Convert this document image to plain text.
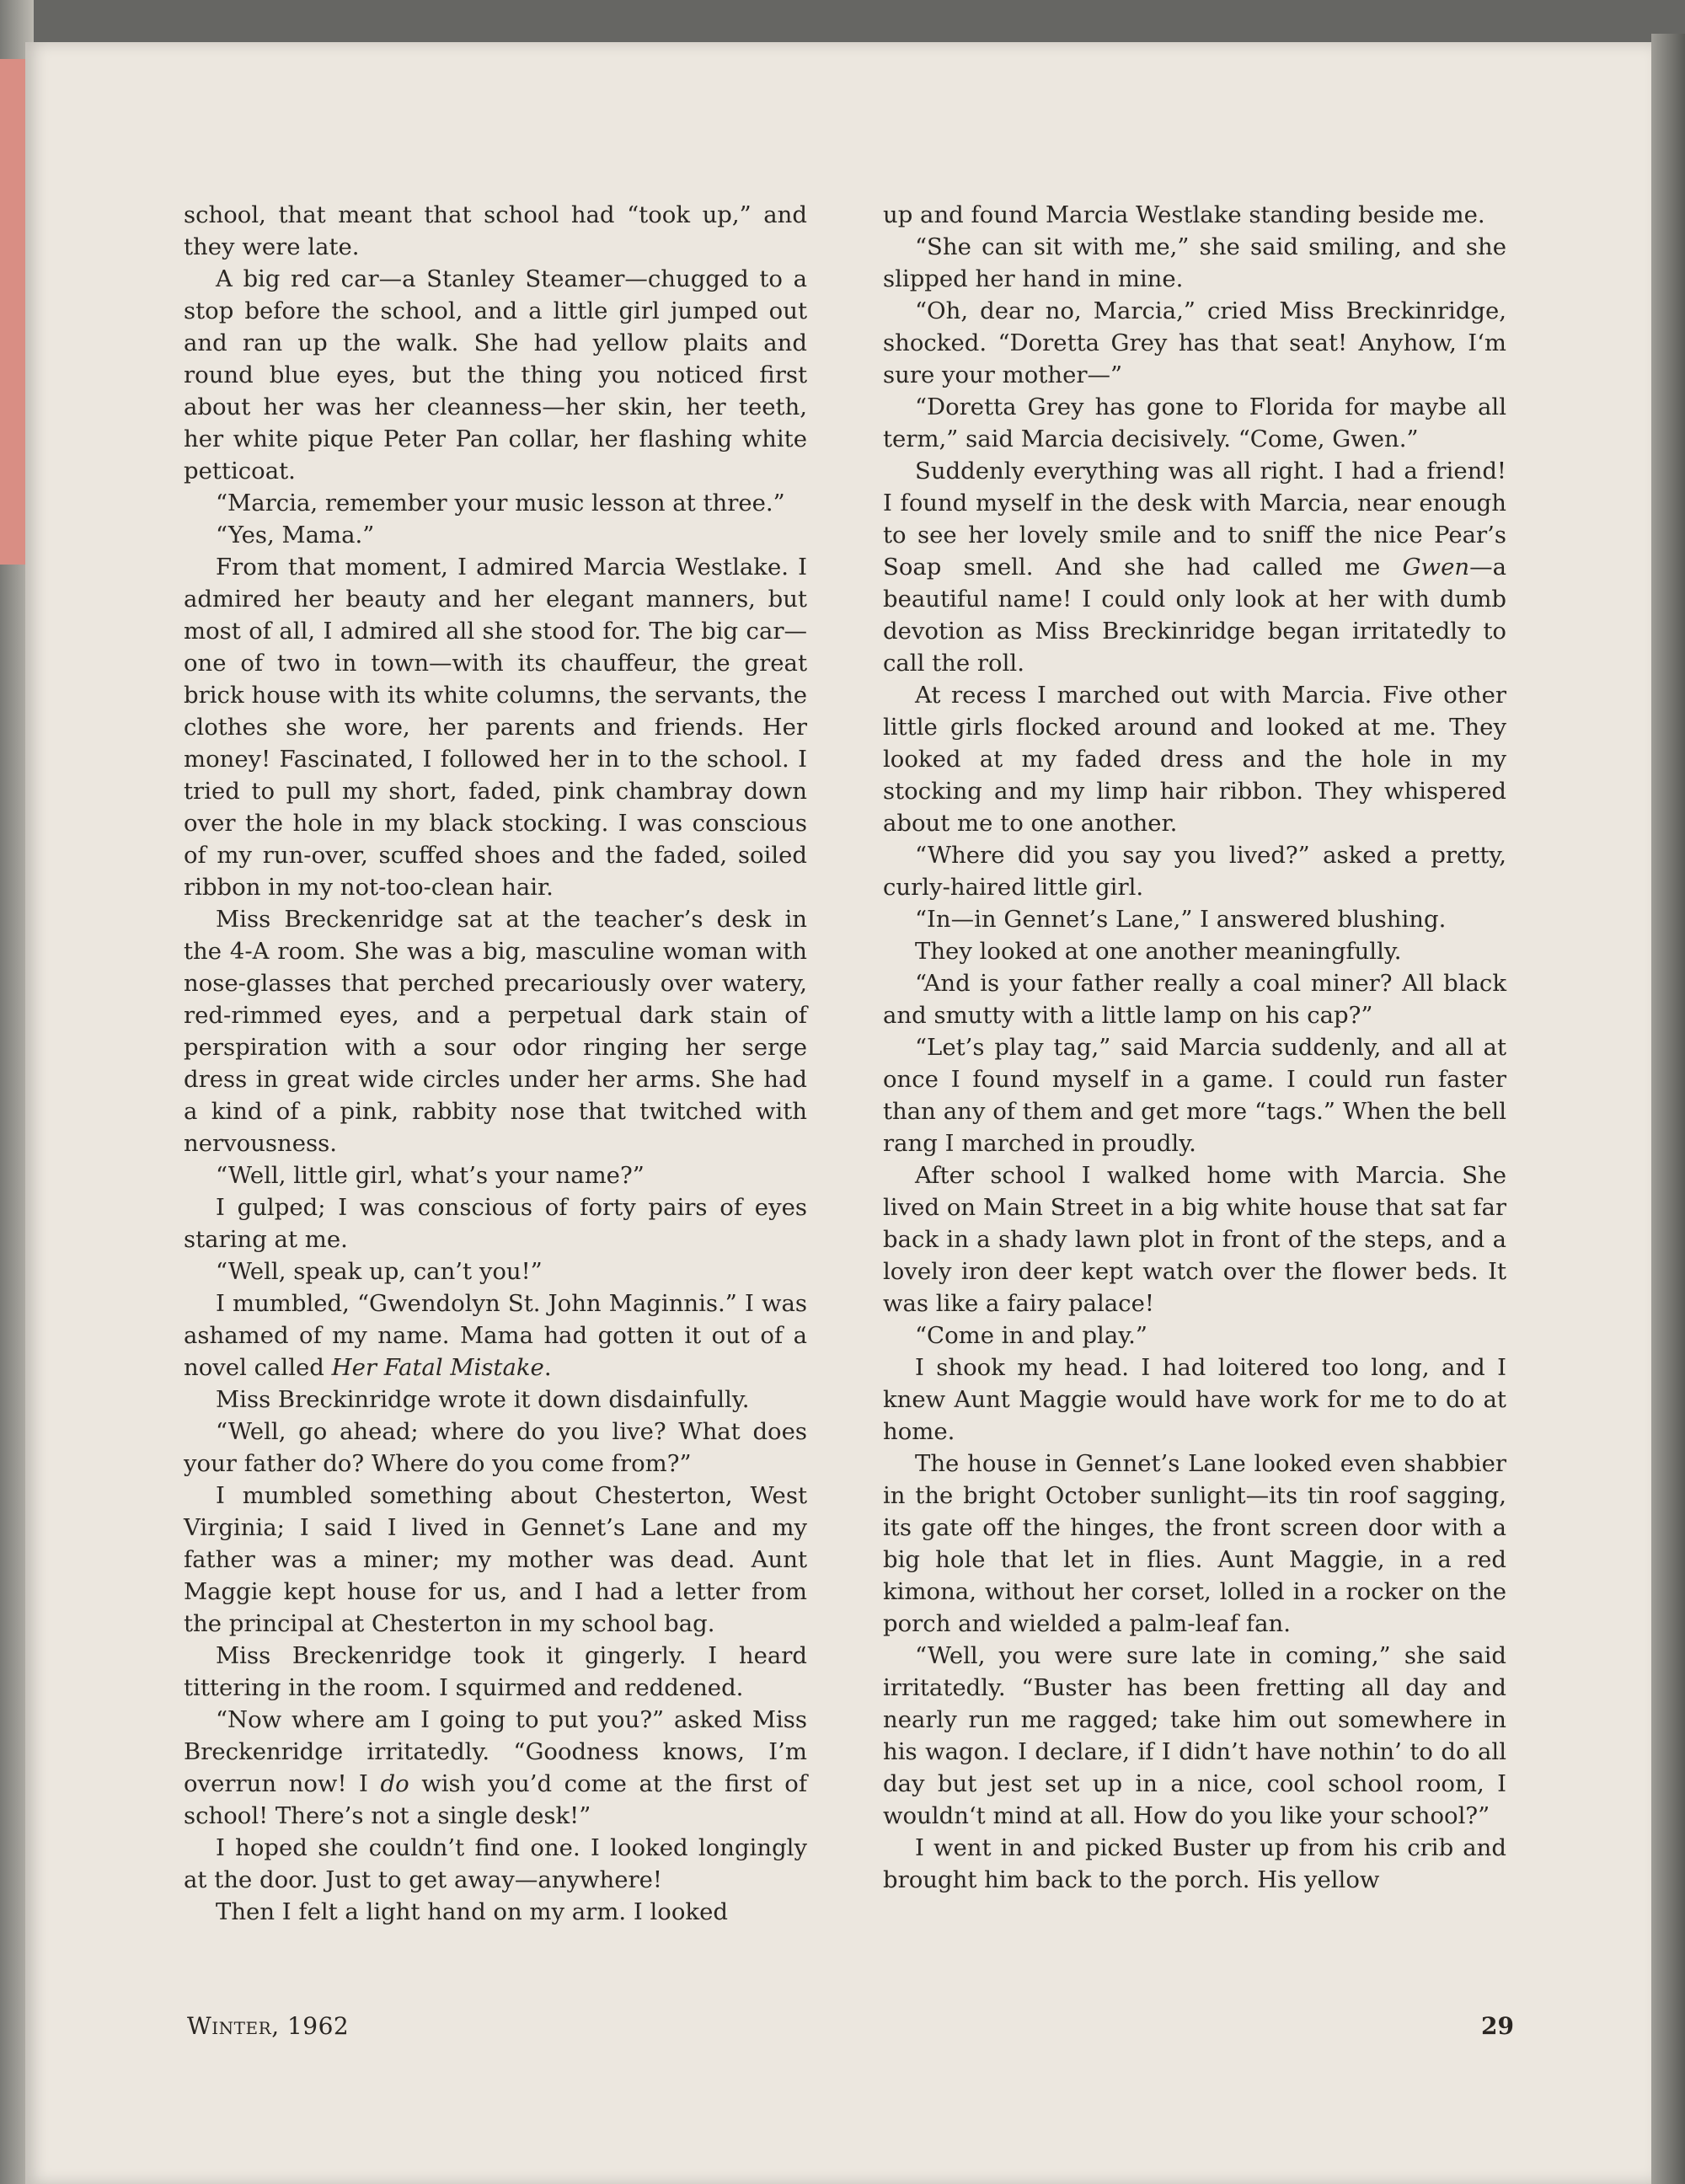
school, that meant that school had “took up,” and they were late.

A big red car—a Stanley Steamer—chugged to a stop before the school, and a little girl jumped out and ran up the walk. She had yellow plaits and round blue eyes, but the thing you noticed first about her was her cleanness—her skin, her teeth, her white pique Peter Pan collar, her flashing white petticoat.

“Marcia, remember your music lesson at three.”

“Yes, Mama.”

From that moment, I admired Marcia Westlake. I admired her beauty and her elegant manners, but most of all, I admired all she stood for. The big car—one of two in town—with its chauffeur, the great brick house with its white columns, the servants, the clothes she wore, her parents and friends. Her money! Fascinated, I followed her in to the school. I tried to pull my short, faded, pink chambray down over the hole in my black stocking. I was conscious of my run-over, scuffed shoes and the faded, soiled ribbon in my not-too-clean hair.

Miss Breckenridge sat at the teacher’s desk in the 4-A room. She was a big, masculine woman with nose-glasses that perched precariously over watery, red-rimmed eyes, and a perpetual dark stain of perspiration with a sour odor ringing her serge dress in great wide circles under her arms. She had a kind of a pink, rabbity nose that twitched with nervousness.

“Well, little girl, what’s your name?”

I gulped; I was conscious of forty pairs of eyes staring at me.

“Well, speak up, can’t you!”

I mumbled, “Gwendolyn St. John Maginnis.” I was ashamed of my name. Mama had gotten it out of a novel called Her Fatal Mistake.

Miss Breckinridge wrote it down disdainfully.

“Well, go ahead; where do you live? What does your father do? Where do you come from?”

I mumbled something about Chesterton, West Virginia; I said I lived in Gennet’s Lane and my father was a miner; my mother was dead. Aunt Maggie kept house for us, and I had a letter from the principal at Chesterton in my school bag.

Miss Breckenridge took it gingerly. I heard tittering in the room. I squirmed and reddened.

“Now where am I going to put you?” asked Miss Breckenridge irritatedly. “Goodness knows, I’m overrun now! I do wish you’d come at the first of school! There’s not a single desk!”

I hoped she couldn’t find one. I looked longingly at the door. Just to get away—anywhere!

Then I felt a light hand on my arm. I looked

up and found Marcia Westlake standing beside me.

“She can sit with me,” she said smiling, and she slipped her hand in mine.

“Oh, dear no, Marcia,” cried Miss Breckinridge, shocked. “Doretta Grey has that seat! Anyhow, I‘m sure your mother—”

“Doretta Grey has gone to Florida for maybe all term,” said Marcia decisively. “Come, Gwen.”

Suddenly everything was all right. I had a friend! I found myself in the desk with Marcia, near enough to see her lovely smile and to sniff the nice Pear’s Soap smell. And she had called me Gwen—a beautiful name! I could only look at her with dumb devotion as Miss Breckinridge began irritatedly to call the roll.

At recess I marched out with Marcia. Five other little girls flocked around and looked at me. They looked at my faded dress and the hole in my stocking and my limp hair ribbon. They whispered about me to one another.

“Where did you say you lived?” asked a pretty, curly-haired little girl.

“In—in Gennet’s Lane,” I answered blushing.

They looked at one another meaningfully.

“And is your father really a coal miner? All black and smutty with a little lamp on his cap?”

“Let’s play tag,” said Marcia suddenly, and all at once I found myself in a game. I could run faster than any of them and get more “tags.” When the bell rang I marched in proudly.

After school I walked home with Marcia. She lived on Main Street in a big white house that sat far back in a shady lawn plot in front of the steps, and a lovely iron deer kept watch over the flower beds. It was like a fairy palace!

“Come in and play.”

I shook my head. I had loitered too long, and I knew Aunt Maggie would have work for me to do at home.

The house in Gennet’s Lane looked even shabbier in the bright October sunlight—its tin roof sagging, its gate off the hinges, the front screen door with a big hole that let in flies. Aunt Maggie, in a red kimona, without her corset, lolled in a rocker on the porch and wielded a palm-leaf fan.

“Well, you were sure late in coming,” she said irritatedly. “Buster has been fretting all day and nearly run me ragged; take him out somewhere in his wagon. I declare, if I didn’t have nothin’ to do all day but jest set up in a nice, cool school room, I wouldn‘t mind at all. How do you like your school?”

I went in and picked Buster up from his crib and brought him back to the porch. His yellow

Winter, 1962	29
